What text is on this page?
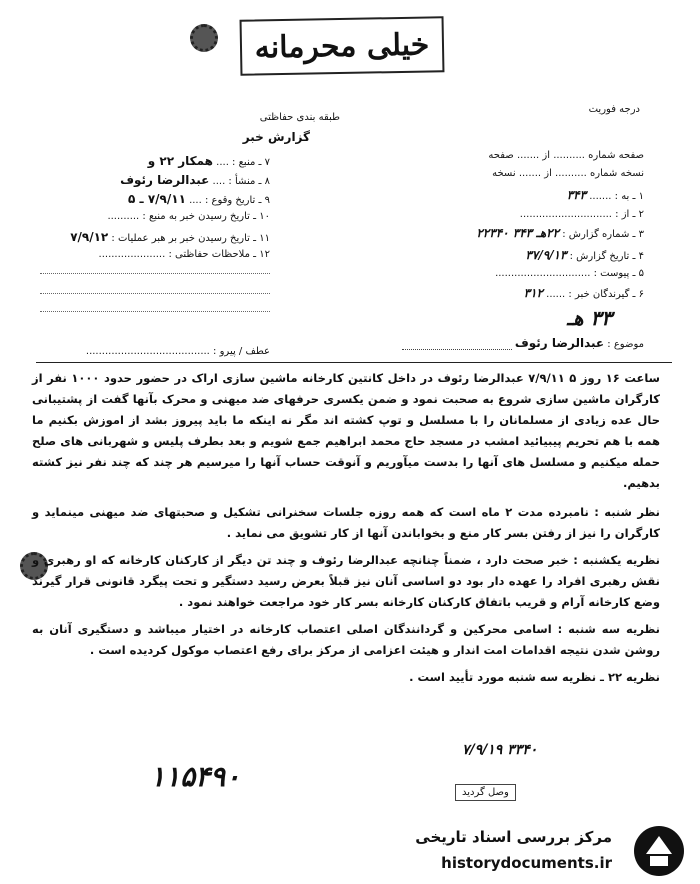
خیلی محرمانه
درجه فوریت
طبقه بندی حفاظتی
گزارش خبر
صفحه شماره .......... از ....... صفحه
نسخه شماره .......... از ....... نسخه
۱ ـ به : ....... ۳۴۳
۲ ـ از : .............................
۳ ـ شماره گزارش : ۲۲هـ ۳۴۳ ۲۲۳۴۰
۴ ـ تاریخ گزارش : ۳۷/۹/۱۳
۵ ـ پیوست : ..............................
۶ ـ گیرندگان خبر : ...... ۳۱۲
۷ ـ منبع : .... همکار ۲۲ و
۸ ـ منشأ : .... عبدالرضا رئوف
۹ ـ تاریخ وقوع : .... ۷/۹/۱۱ ـ ۵
۱۰ ـ تاریخ رسیدن خبر به منبع : ..........
۱۱ ـ تاریخ رسیدن خبر بر هبر عملیات : ۷/۹/۱۲
۱۲ ـ ملاحظات حفاظتی : .....................
۳۳ هـ
موضوع : عبدالرضا رئوف
عطف / پیرو : .......................................

ساعت ۱۶ روز ۵ ۷/۹/۱۱ عبدالرضا رئوف در داخل کانتین کارخانه ماشین سازی اراک در حضور حدود ۱۰۰۰ نفر از کارگران ماشین سازی شروع به صحبت نمود و ضمن یکسری حرفهای ضد میهنی و محرک بآنها گفت از پشتیبانی حال عده زیادی از مسلمانان را با مسلسل و توپ کشته اند مگر نه اینکه ما باید پیروز بشد از اموزش بکنیم ما همه با هم تحریم پیبیائید امشب در مسجد حاج محمد ابراهیم جمع شویم و بعد بطرف پلیس و شهربانی های صلح حمله میکنیم و مسلسل های آنها را بدست میآوریم و آنوقت حساب آنها را میرسیم هر چند که چند نفر نیز کشته بدهیم.

نظر شنبه : نامبرده مدت ۲ ماه است که همه روزه جلسات سخنرانی تشکیل و صحبتهای ضد میهنی مینماید و کارگران را نیز از رفتن بسر کار منع و بخواباندن آنها از کار تشویق می نماید .

نظریه یکشنبه : خبر صحت دارد ، ضمناً چنانچه عبدالرضا رئوف و چند تن دیگر از کارکنان کارخانه که او رهبری و نقش رهبری افراد را عهده دار بود دو اساسی آنان نیز قبلاً بعرض رسید دستگیر و تحت پیگرد قانونی قرار گیرند وضع کارخانه آرام و قریب باتفاق کارکنان کارخانه بسر کار خود مراجعت خواهند نمود .

نظریه سه شنبه : اسامی محرکین و گردانندگان اصلی اعتصاب کارخانه در اختیار میباشد و دستگیری آنان به روشن شدن نتیجه اقدامات امت اندار و هیئت اعزامی از مرکز برای رفع اعتصاب موکول کردیده است .

نظریه ۲۲ ـ نظریه سه شنبه مورد تأیید است .

۷/۹/۱۹ ۳۳۴۰
۱۱۵۴۹۰	وصل گردید
مرکز بررسی اسناد تاریخی
historydocuments.ir
